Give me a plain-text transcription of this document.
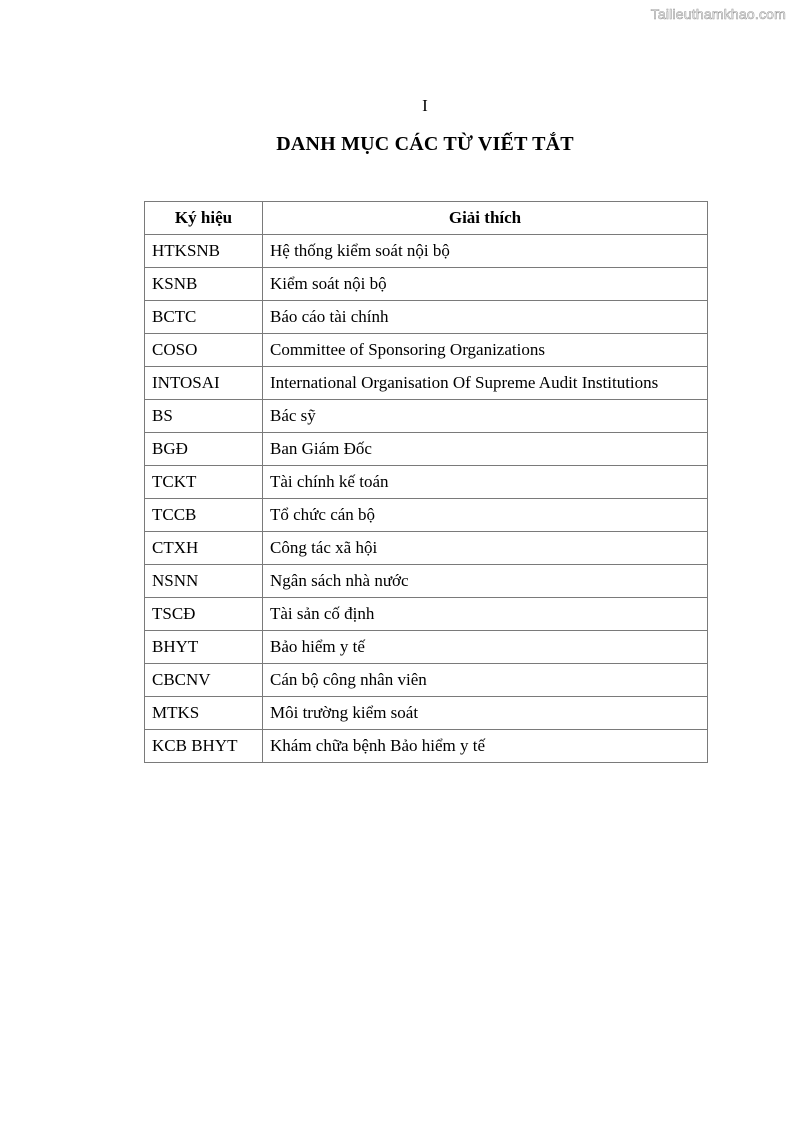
Tailieuthamkhao.com
I
DANH MỤC CÁC TỪ VIẾT TẮT
Ký hiệu	Giải thích
HTKSNB	Hệ thống kiểm soát nội bộ
KSNB	Kiểm soát nội bộ
BCTC	Báo cáo tài chính
COSO	Committee of Sponsoring Organizations
INTOSAI	International Organisation Of Supreme Audit Institutions
BS	Bác sỹ
BGĐ	Ban Giám Đốc
TCKT	Tài chính kế toán
TCCB	Tổ chức cán bộ
CTXH	Công tác xã hội
NSNN	Ngân sách nhà nước
TSCĐ	Tài sản cố định
BHYT	Bảo hiểm y tế
CBCNV	Cán bộ công nhân viên
MTKS	Môi trường kiểm soát
KCB BHYT	Khám chữa bệnh Bảo hiểm y tế
